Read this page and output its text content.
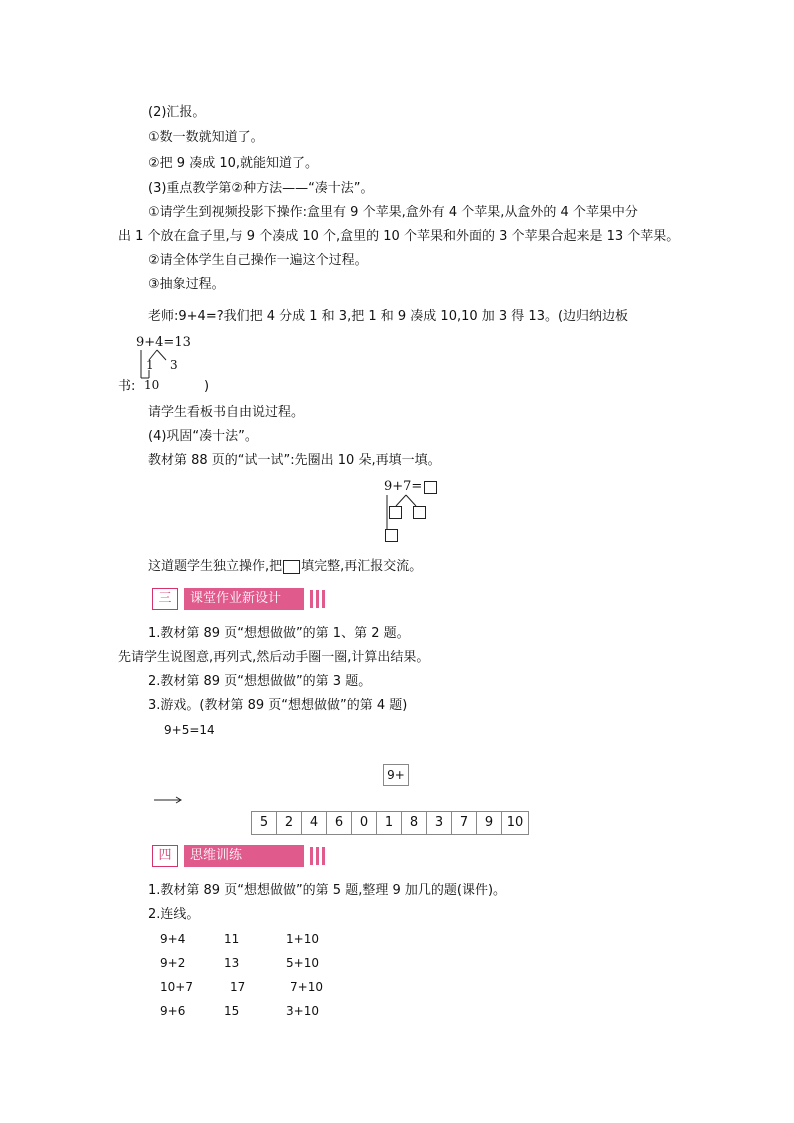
(2)汇报。
①数一数就知道了。
②把 9 凑成 10,就能知道了。
(3)重点教学第②种方法——“凑十法”。
①请学生到视频投影下操作:盒里有 9 个苹果,盒外有 4 个苹果,从盒外的 4 个苹果中分
出 1 个放在盒子里,与 9 个凑成 10 个,盒里的 10 个苹果和外面的 3 个苹果合起来是 13 个苹果。
②请全体学生自己操作一遍这个过程。
③抽象过程。
老师:9+4=?我们把 4 分成 1 和 3,把 1 和 9 凑成 10,10 加 3 得 13。(边归纳边板
9+4=13
1 3
10
书:	)
请学生看板书自由说过程。
(4)巩固“凑十法”。
教材第 88 页的“试一试”:先圈出 10 朵,再填一填。
9+7=
这道题学生独立操作,把 填完整,再汇报交流。
三	课堂作业新设计
1.教材第 89 页“想想做做”的第 1、第 2 题。
先请学生说图意,再列式,然后动手圈一圈,计算出结果。
2.教材第 89 页“想想做做”的第 3 题。
3.游戏。(教材第 89 页“想想做做”的第 4 题)
9+5=14
9+
5	2	4	6	0	1	8	3	7	9	10
四	思维训练
1.教材第 89 页“想想做做”的第 5 题,整理 9 加几的题(课件)。
2.连线。
9+4	11	1+10
9+2	13	5+10
10+7	17	7+10
9+6	15	3+10
